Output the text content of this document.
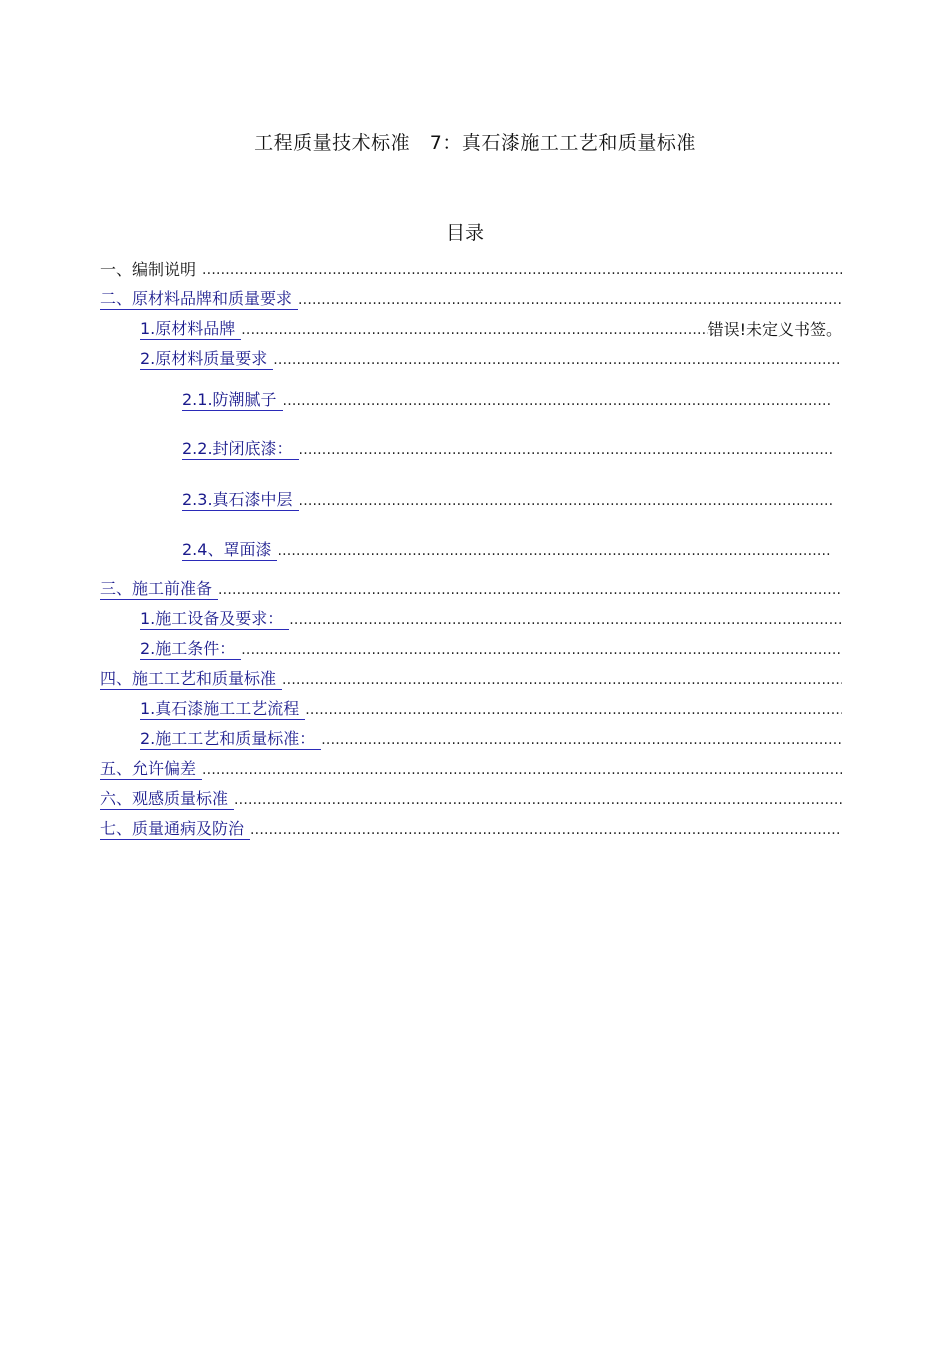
工程质量技术标准   7：真石漆施工工艺和质量标准
目录
一、编制说明
.....
二、原材料品牌和质量要求
.....
1.原材料品牌
.....	错误!未定义书签。
2.原材料质量要求
.....
2.1.防潮腻子
.....
2.2.封闭底漆：
.....
2.3.真石漆中层
.....
2.4、罩面漆
.....
三、施工前准备
.....
1.施工设备及要求：
.....
2.施工条件：
.....
四、施工工艺和质量标准
.....
1.真石漆施工工艺流程
.....
2.施工工艺和质量标准：
.....
五、允许偏差
.....
六、观感质量标准
.....
七、质量通病及防治
.....
